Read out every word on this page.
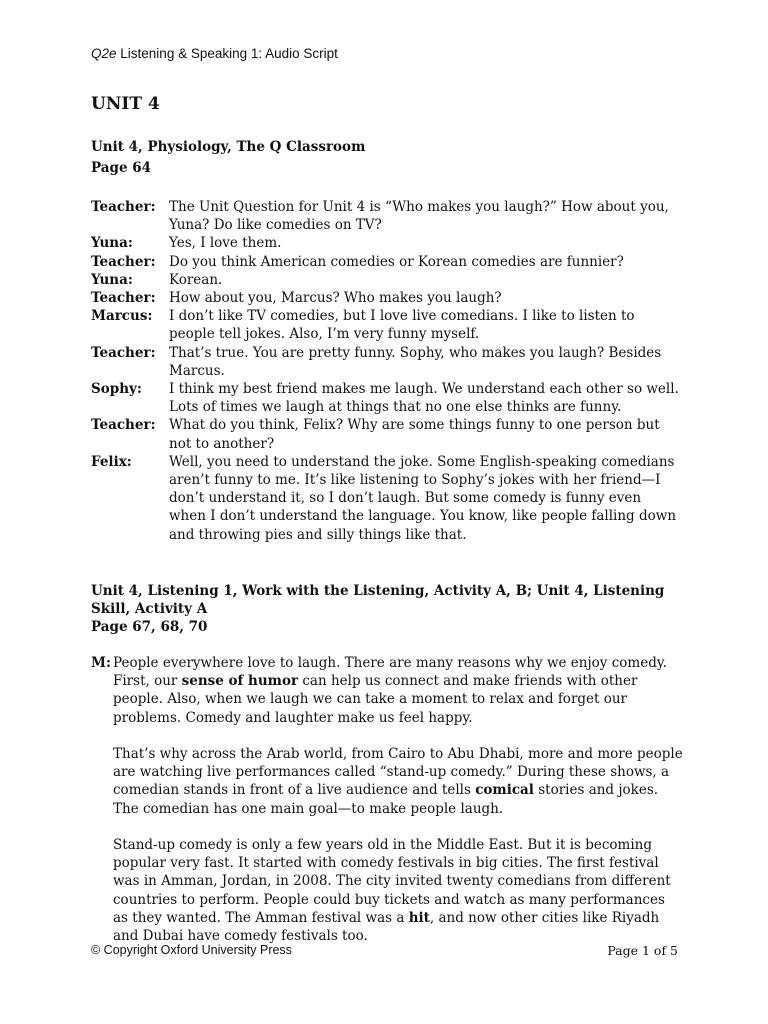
Q2e Listening & Speaking 1: Audio Script
UNIT 4
Unit 4, Physiology, The Q Classroom
Page 64
Teacher: The Unit Question for Unit 4 is “Who makes you laugh?” How about you, Yuna? Do like comedies on TV?
Yuna:	Yes, I love them.
Teacher: Do you think American comedies or Korean comedies are funnier?
Yuna:	Korean.
Teacher: How about you, Marcus? Who makes you laugh?
Marcus:	I don’t like TV comedies, but I love live comedians. I like to listen to people tell jokes. Also, I’m very funny myself.
Teacher: That’s true. You are pretty funny. Sophy, who makes you laugh? Besides Marcus.
Sophy:	I think my best friend makes me laugh. We understand each other so well. Lots of times we laugh at things that no one else thinks are funny.
Teacher: What do you think, Felix? Why are some things funny to one person but not to another?
Felix:	Well, you need to understand the joke. Some English-speaking comedians aren’t funny to me. It’s like listening to Sophy’s jokes with her friend—I don’t understand it, so I don’t laugh. But some comedy is funny even when I don’t understand the language. You know, like people falling down and throwing pies and silly things like that.
Unit 4, Listening 1, Work with the Listening, Activity A, B; Unit 4, Listening Skill, Activity A
Page 67, 68, 70
M: People everywhere love to laugh. There are many reasons why we enjoy comedy. First, our sense of humor can help us connect and make friends with other people. Also, when we laugh we can take a moment to relax and forget our problems. Comedy and laughter make us feel happy.

That’s why across the Arab world, from Cairo to Abu Dhabi, more and more people are watching live performances called “stand-up comedy.” During these shows, a comedian stands in front of a live audience and tells comical stories and jokes. The comedian has one main goal—to make people laugh.

Stand-up comedy is only a few years old in the Middle East. But it is becoming popular very fast. It started with comedy festivals in big cities. The first festival was in Amman, Jordan, in 2008. The city invited twenty comedians from different countries to perform. People could buy tickets and watch as many performances as they wanted. The Amman festival was a hit, and now other cities like Riyadh and Dubai have comedy festivals too.

© Copyright Oxford University Press	Page 1 of 5
